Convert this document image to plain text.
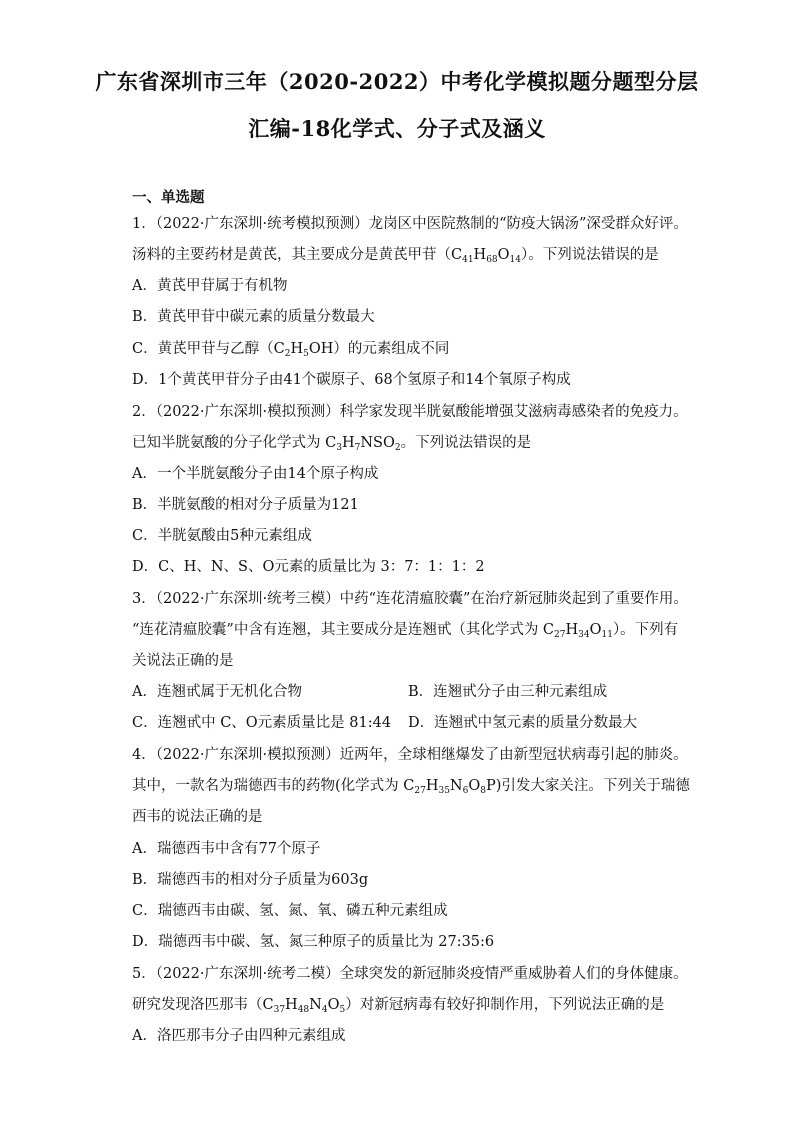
广东省深圳市三年（2020-2022）中考化学模拟题分题型分层
汇编-18化学式、分子式及涵义
一、单选题
1．（2022·广东深圳·统考模拟预测）龙岗区中医院熬制的“防疫大锅汤”深受群众好评。
汤料的主要药材是黄芪，其主要成分是黄芪甲苷$(C_{41}H_{68}O_{14})$。下列说法错误的是
A．黄芪甲苷属于有机物
B．黄芪甲苷中碳元素的质量分数最大
C．黄芪甲苷与乙醇$(C_2H_5OH)$的元素组成不同
D．1个黄芪甲苷分子由41个碳原子、68个氢原子和14个氧原子构成
2．（2022·广东深圳·模拟预测）科学家发现半胱氨酸能增强艾滋病毒感染者的免疫力。
已知半胱氨酸的分子化学式为 $C_3H_7NSO_2$。下列说法错误的是
A．一个半胱氨酸分子由14个原子构成
B．半胱氨酸的相对分子质量为121
C．半胱氨酸由5种元素组成
D．C、H、N、S、O元素的质量比为 3：7：1：1：2
3．（2022·广东深圳·统考三模）中药“连花清瘟胶囊”在治疗新冠肺炎起到了重要作用。
“连花清瘟胶囊”中含有连翘，其主要成分是连翘甙（其化学式为 $C_{27}H_{34}O_{11}$）。下列有
关说法正确的是
A．连翘甙属于无机化合物	B．连翘甙分子由三种元素组成
C．连翘甙中 C、O元素质量比是 81:44 D．连翘甙中氢元素的质量分数最大
4．（2022·广东深圳·模拟预测）近两年，全球相继爆发了由新型冠状病毒引起的肺炎。
其中，一款名为瑞德西韦的药物(化学式为 $C_{27}H_{35}N_6O_8P$)引发大家关注。下列关于瑞德
西韦的说法正确的是
A．瑞德西韦中含有77个原子
B．瑞德西韦的相对分子质量为603g
C．瑞德西韦由碳、氢、氮、氧、磷五种元素组成
D．瑞德西韦中碳、氢、氮三种原子的质量比为 27:35:6
5．（2022·广东深圳·统考二模）全球突发的新冠肺炎疫情严重威胁着人们的身体健康。
研究发现洛匹那韦$(C_{37}H_{48}N_4O_5)$对新冠病毒有较好抑制作用，下列说法正确的是
A．洛匹那韦分子由四种元素组成
